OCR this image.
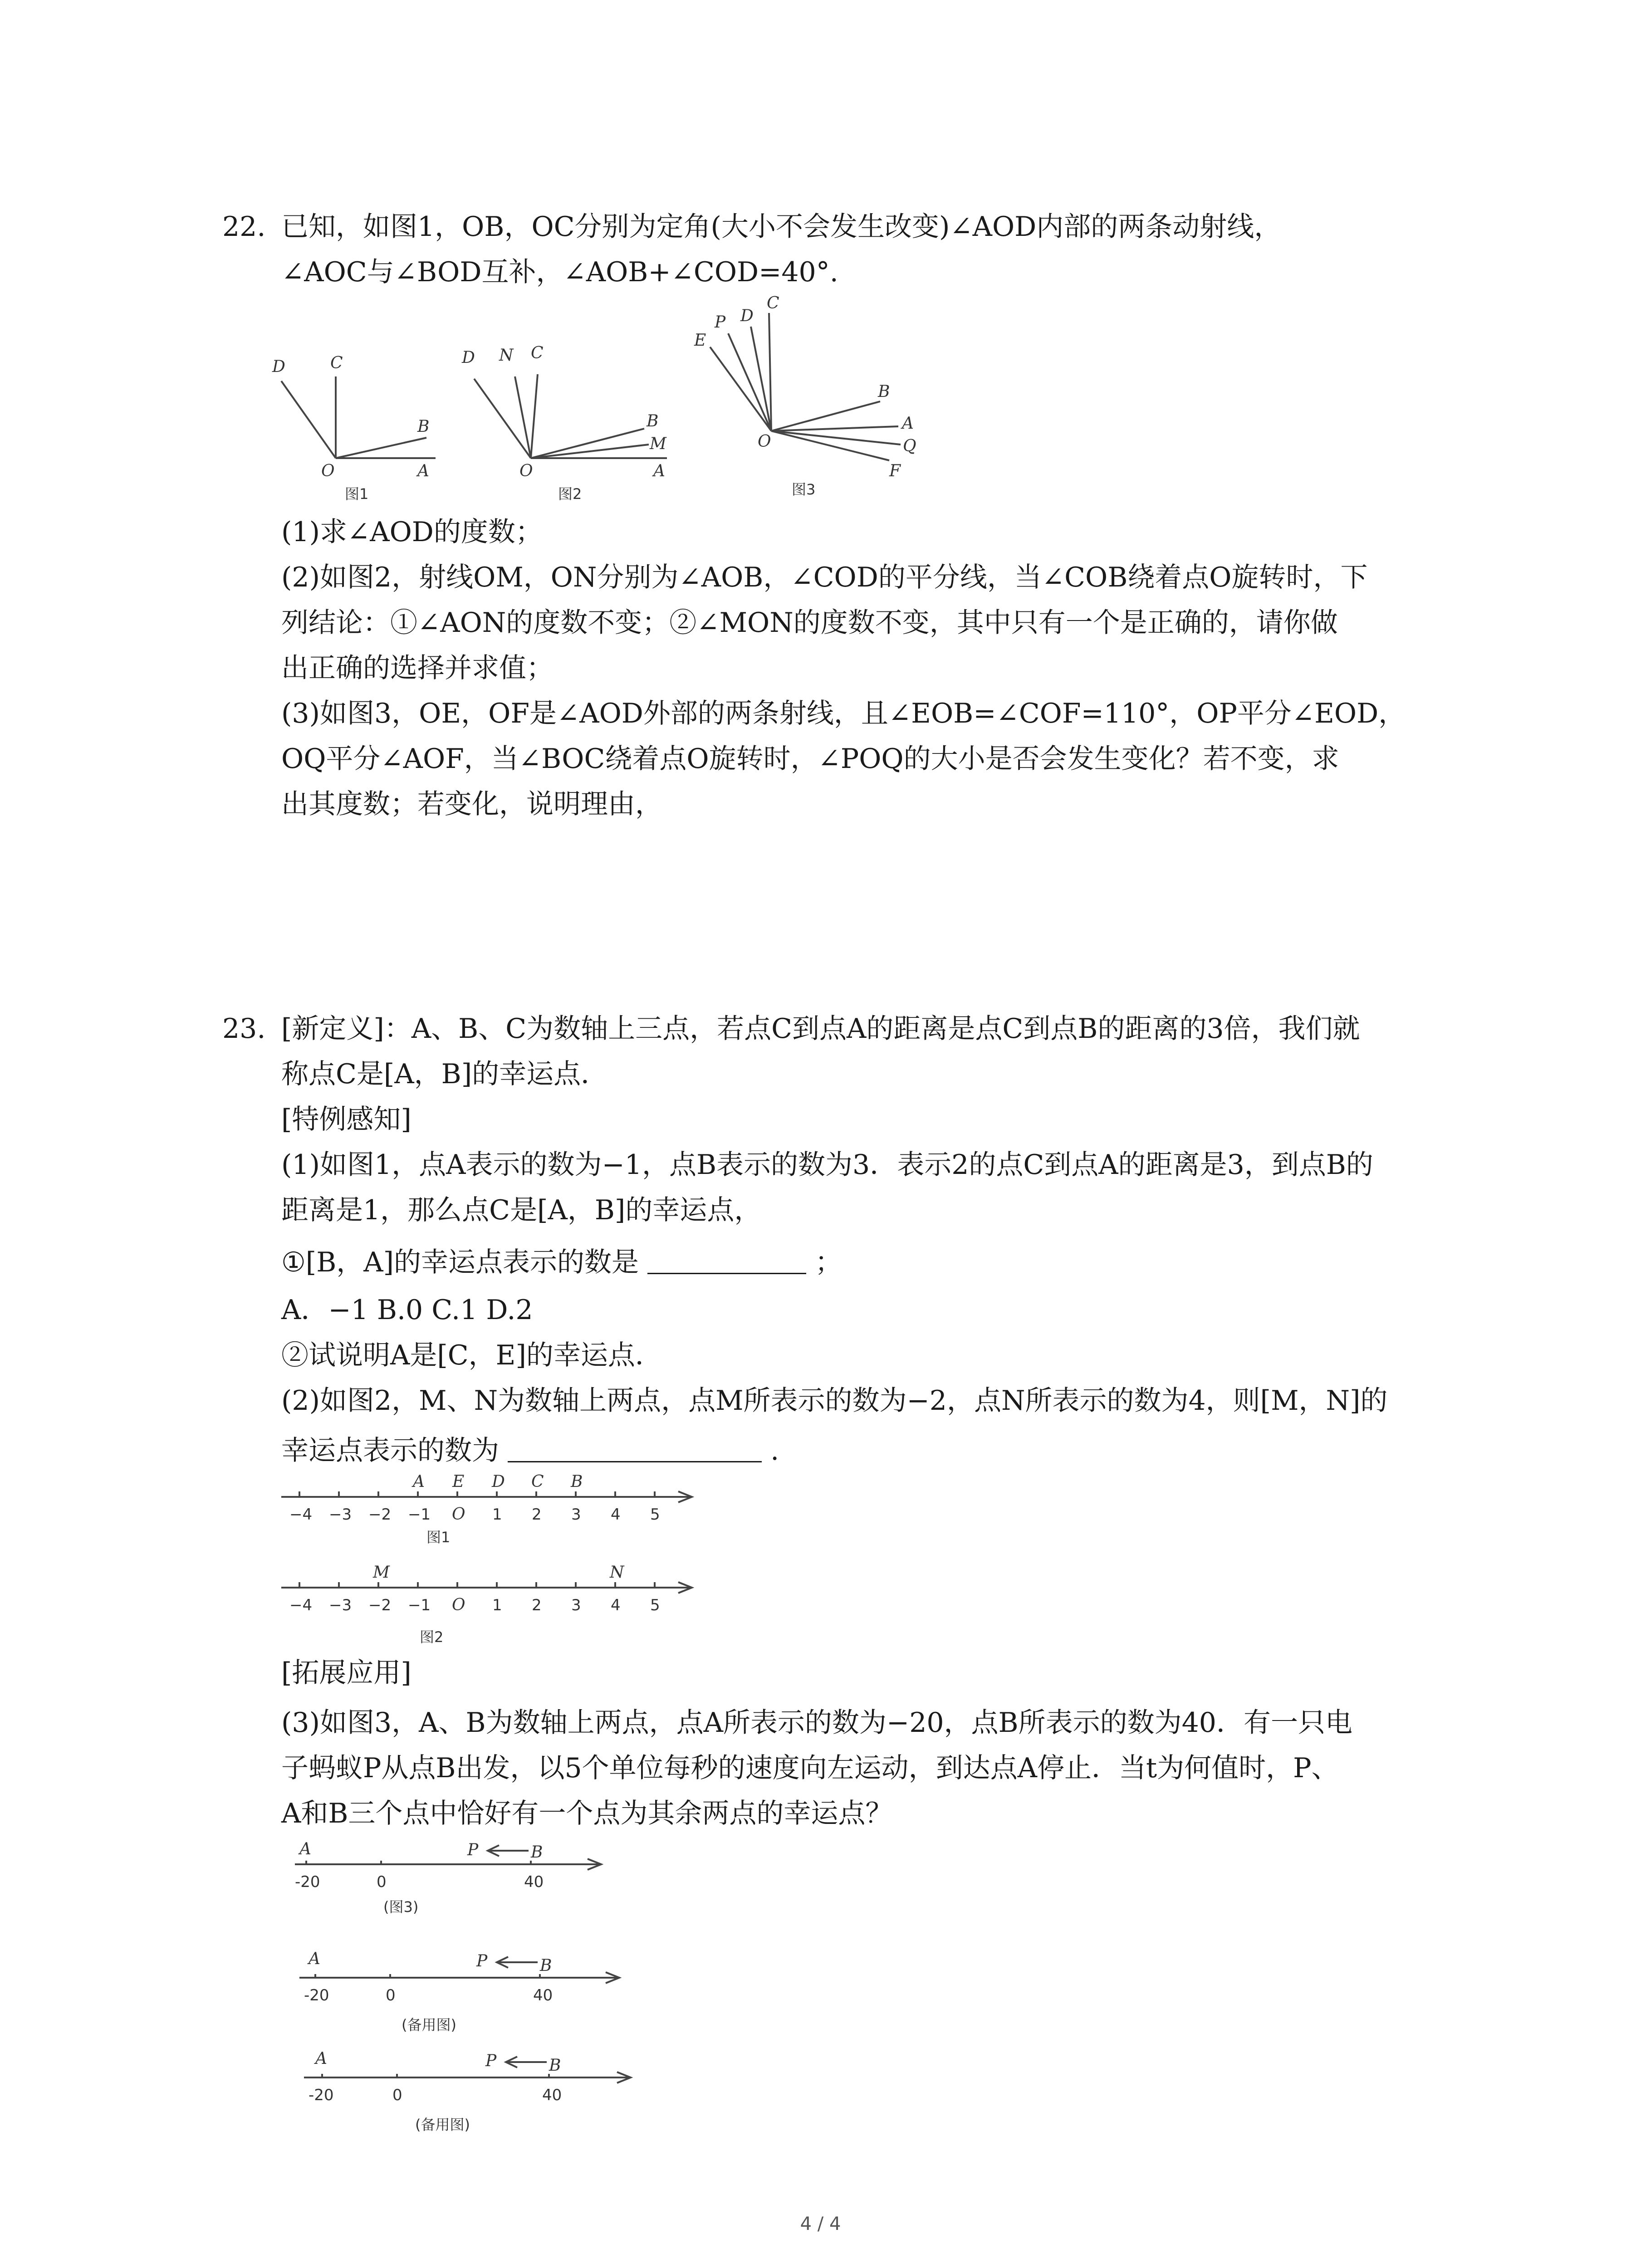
22. 已知，如图1，OB，OC分别为定角(大小不会发生改变)∠AOD内部的两条动射线，
∠AOC与∠BOD互补，∠AOB+∠COD=40°.
D	C
B
O	A
图1
D N C
B
M
O	A
图2
P D
C
E
B
A
Q
O
F
图3
(1)求∠AOD的度数；
(2)如图2，射线OM，ON分别为∠AOB，∠COD的平分线，当∠COB绕着点O旋转时，下
列结论：①∠AON的度数不变；②∠MON的度数不变，其中只有一个是正确的，请你做
出正确的选择并求值；
(3)如图3，OE，OF是∠AOD外部的两条射线，且∠EOB=∠COF=110°，OP平分∠EOD，
OQ平分∠AOF，当∠BOC绕着点O旋转时，∠POQ的大小是否会发生变化？若不变，求
出其度数；若变化，说明理由，
23. [新定义]：A、B、C为数轴上三点，若点C到点A的距离是点C到点B的距离的3倍，我们就
称点C是[A，B]的幸运点．
[特例感知]
(1)如图1，点A表示的数为−1，点B表示的数为3．表示2的点C到点A的距离是3，到点B的
距离是1，那么点C是[A，B]的幸运点，
①[B，A]的幸运点表示的数是	；
A．−1 B.0 C.1 D.2
②试说明A是[C，E]的幸运点．
(2)如图2，M、N为数轴上两点，点M所表示的数为−2，点N所表示的数为4，则[M，N]的
幸运点表示的数为	.
−4 −3 −2 −1 O 1 2 3 4 5
A E D C B
图1
−4 −3 −2 −1 O 1 2 3 4 5
M	N
图2
[拓展应用]
(3)如图3，A、B为数轴上两点，点A所表示的数为−20，点B所表示的数为40．有一只电
子蚂蚁P从点B出发，以5个单位每秒的速度向左运动，到达点A停止．当t为何值时，P、
A和B三个点中恰好有一个点为其余两点的幸运点？
A	P	B
-20	0	40
(图3)
A	P	B
-20	0	40
(备用图)
A	P	B
-20	0	40
(备用图)
4 / 4
